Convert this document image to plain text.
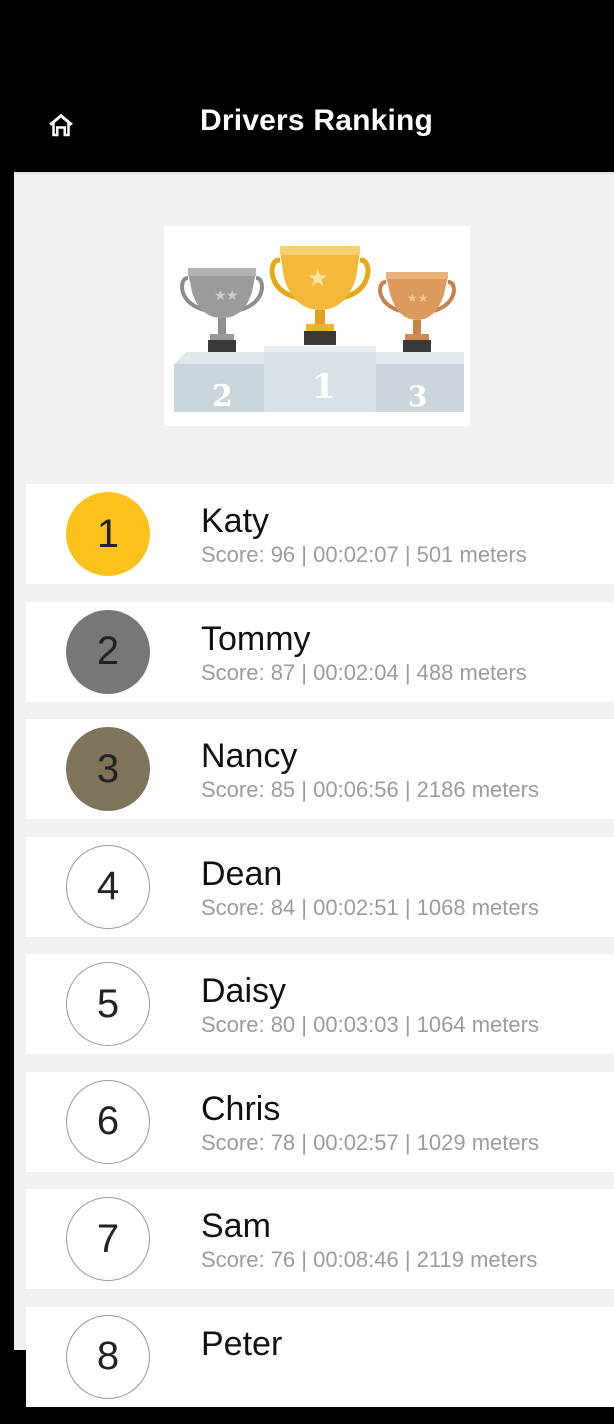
Drivers Ranking
★ ★
★
★★
2 1	3
1	Katy
Score: 96 | 00:02:07 | 501 meters
2	Tommy
Score: 87 | 00:02:04 | 488 meters
3	Nancy
Score: 85 | 00:06:56 | 2186 meters
4	Dean
Score: 84 | 00:02:51 | 1068 meters
5	Daisy
Score: 80 | 00:03:03 | 1064 meters
6	Chris
Score: 78 | 00:02:57 | 1029 meters
7	Sam
Score: 76 | 00:08:46 | 2119 meters
8	Peter
